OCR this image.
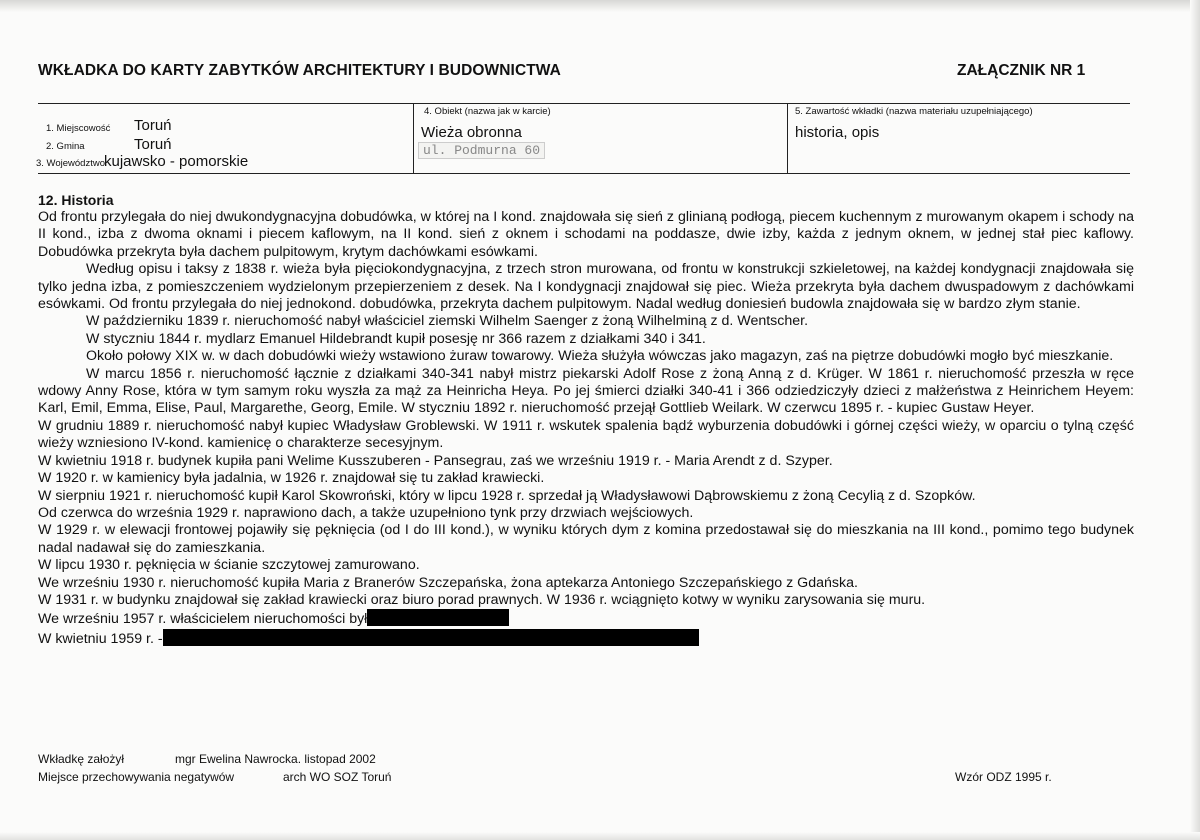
WKŁADKA DO KARTY ZABYTKÓW ARCHITEKTURY I BUDOWNICTWA	ZAŁĄCZNIK NR 1
1. Miejscowość Toruń
2. Gmina	Toruń
3. Województwo kujawsko - pomorskie
4. Obiekt (nazwa jak w karcie)
Wieża obronna
ul. Podmurna 60
5. Zawartość wkładki (nazwa materiału uzupełniającego)
historia, opis
12. Historia

Od frontu przylegała do niej dwukondygnacyjna dobudówka, w której na I kond. znajdowała się sień z glinianą podłogą, piecem kuchennym z murowanym okapem i schody na II kond., izba z dwoma oknami i piecem kaflowym, na II kond. sień z oknem i schodami na poddasze, dwie izby, każda z jednym oknem, w jednej stał piec kaflowy. Dobudówka przekryta była dachem pulpitowym, krytym dachówkami esówkami.

Według opisu i taksy z 1838 r. wieża była pięciokondygnacyjna, z trzech stron murowana, od frontu w konstrukcji szkieletowej, na każdej kondygnacji znajdowała się tylko jedna izba, z pomieszczeniem wydzielonym przepierzeniem z desek. Na I kondygnacji znajdował się piec. Wieża przekryta była dachem dwuspadowym z dachówkami esówkami. Od frontu przylegała do niej jednokond. dobudówka, przekryta dachem pulpitowym. Nadal według doniesień budowla znajdowała się w bardzo złym stanie.

W październiku 1839 r. nieruchomość nabył właściciel ziemski Wilhelm Saenger z żoną Wilhelminą z d. Wentscher.

W styczniu 1844 r. mydlarz Emanuel Hildebrandt kupił posesję nr 366 razem z działkami 340 i 341.

Około połowy XIX w. w dach dobudówki wieży wstawiono żuraw towarowy. Wieża służyła wówczas jako magazyn, zaś na piętrze dobudówki mogło być mieszkanie.

W marcu 1856 r. nieruchomość łącznie z działkami 340-341 nabył mistrz piekarski Adolf Rose z żoną Anną z d. Krüger. W 1861 r. nieruchomość przeszła w ręce wdowy Anny Rose, która w tym samym roku wyszła za mąż za Heinricha Heya. Po jej śmierci działki 340-41 i 366 odziedziczyły dzieci z małżeństwa z Heinrichem Heyem: Karl, Emil, Emma, Elise, Paul, Margarethe, Georg, Emile. W styczniu 1892 r. nieruchomość przejął Gottlieb Weilark. W czerwcu 1895 r. - kupiec Gustaw Heyer.

W grudniu 1889 r. nieruchomość nabył kupiec Władysław Groblewski. W 1911 r. wskutek spalenia bądź wyburzenia dobudówki i górnej części wieży, w oparciu o tylną część wieży wzniesiono IV-kond. kamienicę o charakterze secesyjnym.

W kwietniu 1918 r. budynek kupiła pani Welime Kusszuberen - Pansegrau, zaś we wrześniu 1919 r. - Maria Arendt z d. Szyper.

W 1920 r. w kamienicy była jadalnia, w 1926 r. znajdował się tu zakład krawiecki.

W sierpniu 1921 r. nieruchomość kupił Karol Skowroński, który w lipcu 1928 r. sprzedał ją Władysławowi Dąbrowskiemu z żoną Cecylią z d. Szopków.

Od czerwca do września 1929 r. naprawiono dach, a także uzupełniono tynk przy drzwiach wejściowych.

W 1929 r. w elewacji frontowej pojawiły się pęknięcia (od I do III kond.), w wyniku których dym z komina przedostawał się do mieszkania na III kond., pomimo tego budynek nadal nadawał się do zamieszkania.

W lipcu 1930 r. pęknięcia w ścianie szczytowej zamurowano.

We wrześniu 1930 r. nieruchomość kupiła Maria z Branerów Szczepańska, żona aptekarza Antoniego Szczepańskiego z Gdańska.

W 1931 r. w budynku znajdował się zakład krawiecki oraz biuro porad prawnych. W 1936 r. wciągnięto kotwy w wyniku zarysowania się muru.

We wrześniu 1957 r. właścicielem nieruchomości był

W kwietniu 1959 r. -

Wkładkę założył	mgr Ewelina Nawrocka. listopad 2002
Miejsce przechowywania negatywów	arch WO SOZ Toruń	Wzór ODZ 1995 r.
